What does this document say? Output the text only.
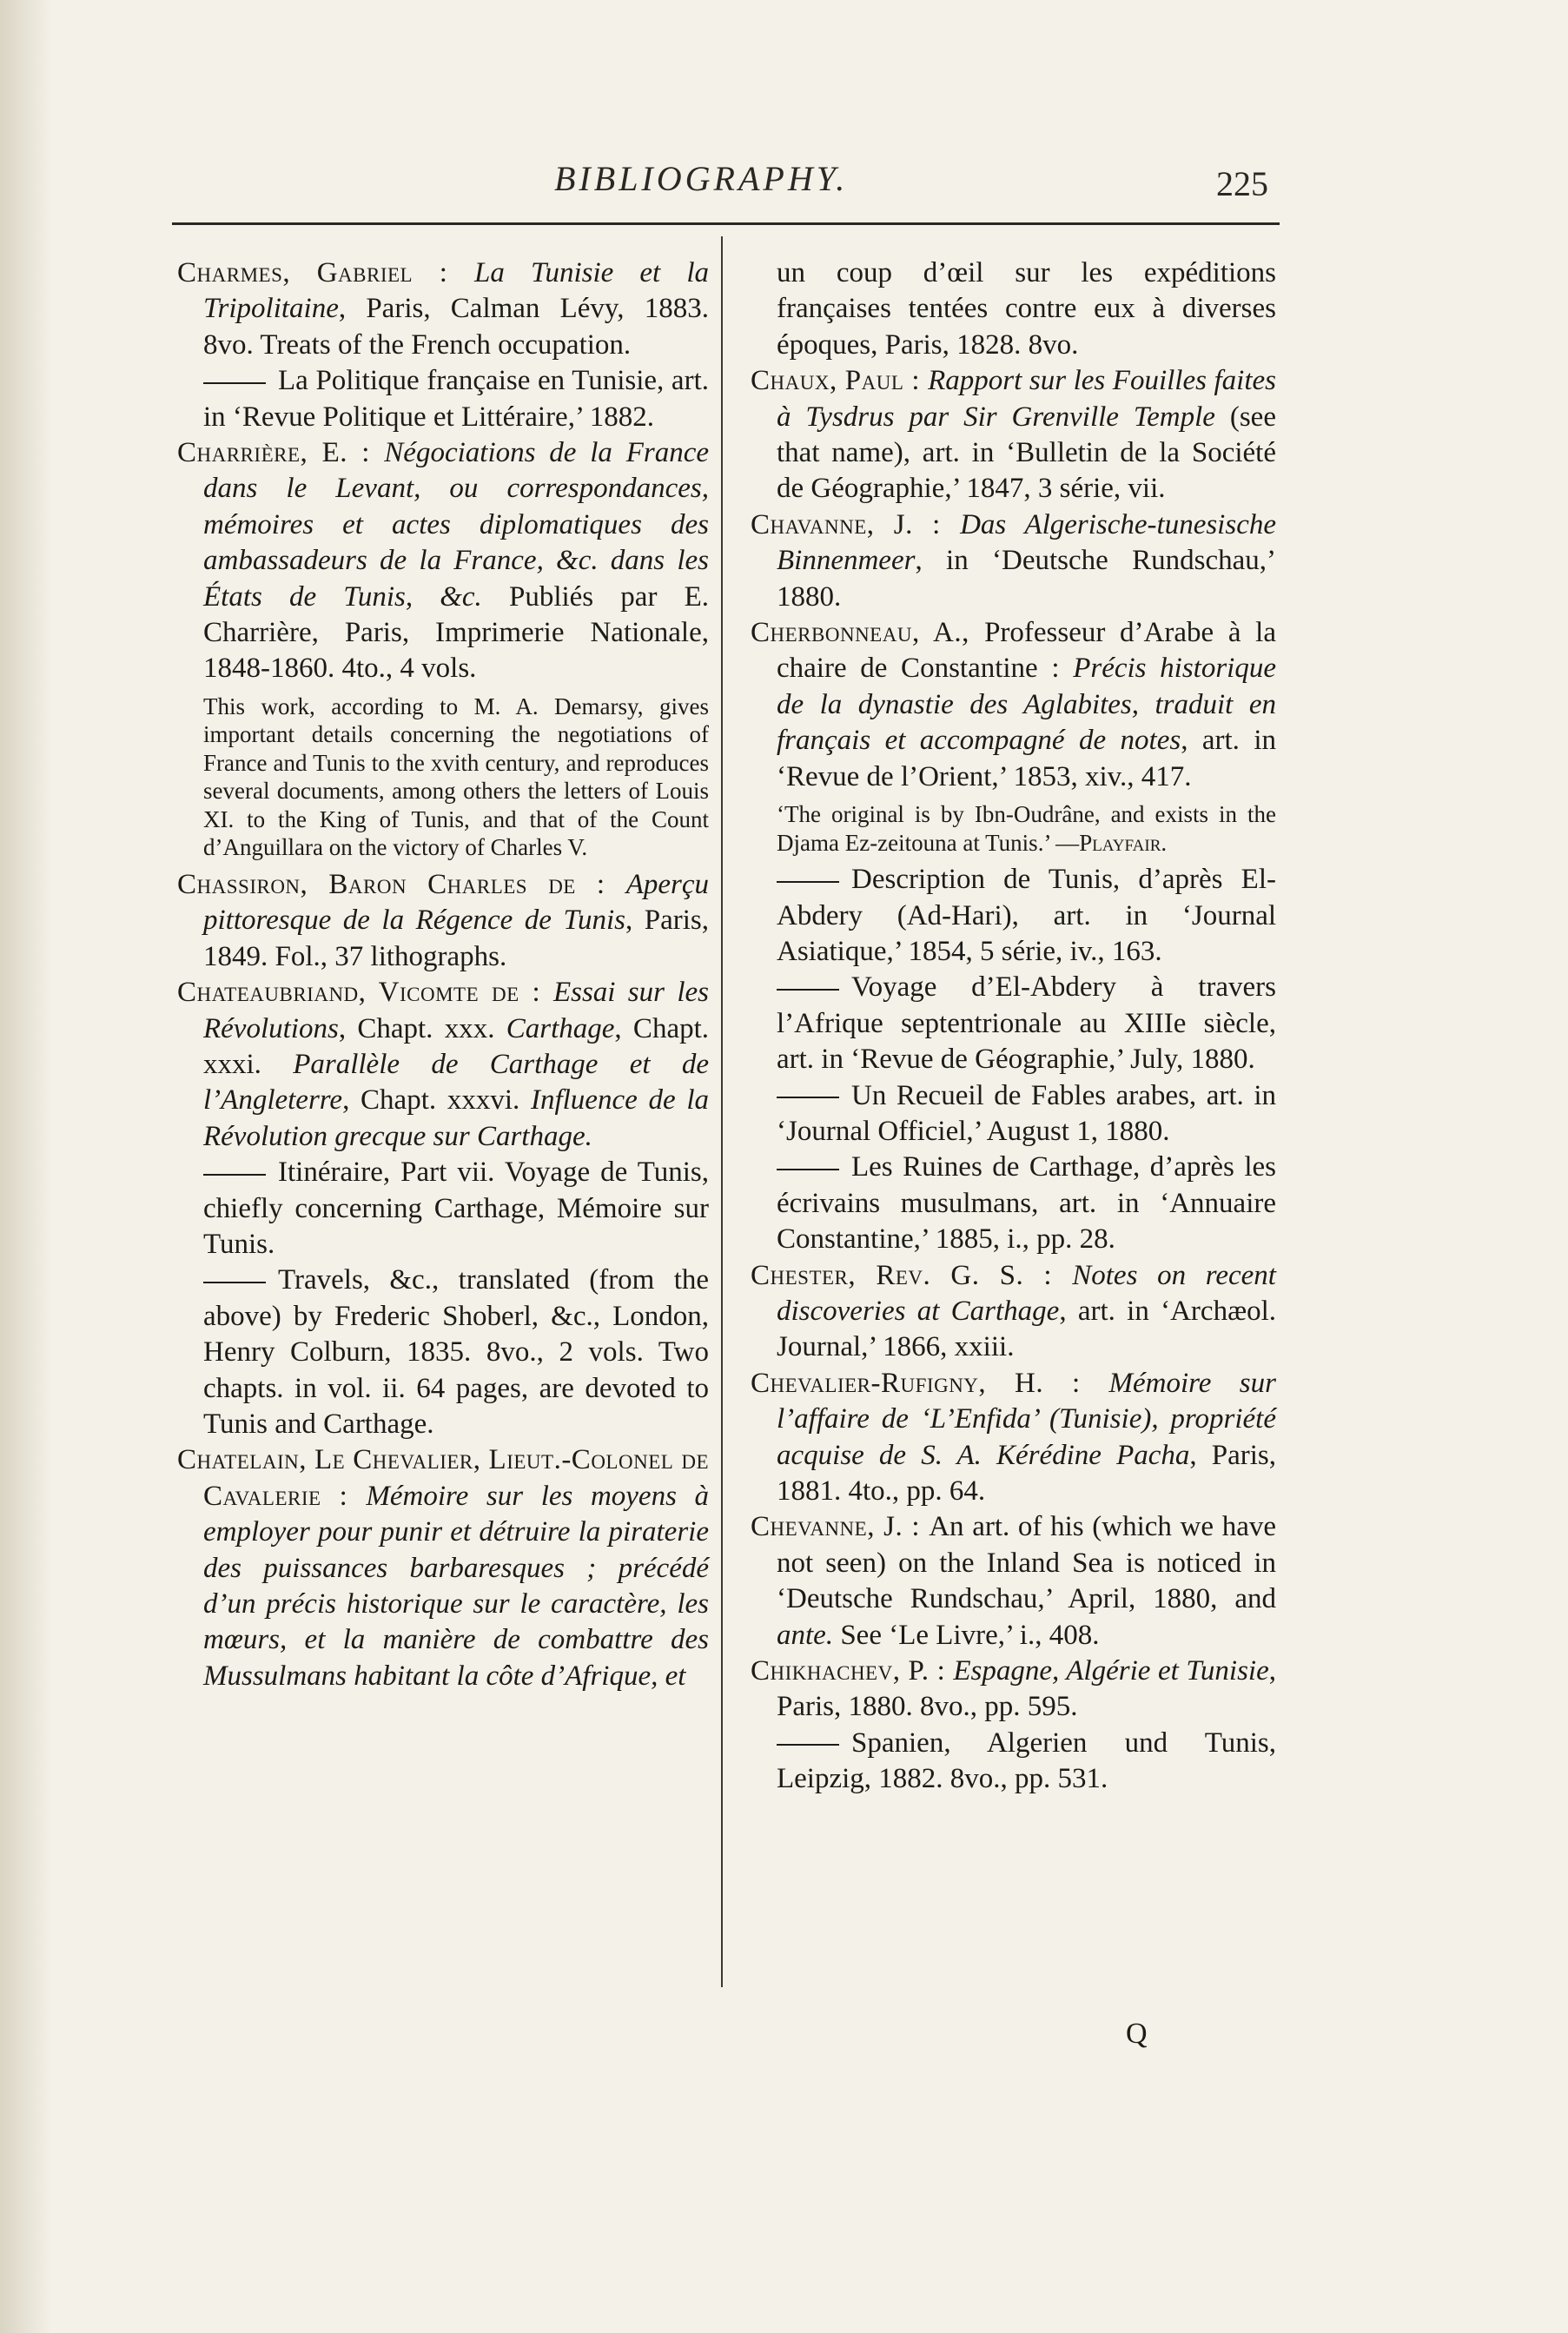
BIBLIOGRAPHY.	225

Charmes, Gabriel : La Tunisie et la Tripolitaine, Paris, Calman Lévy, 1883. 8vo. Treats of the French occupation.

La Politique française en Tunisie, art. in ‘Revue Politique et Littéraire,’ 1882.

Charrière, E. : Négociations de la France dans le Levant, ou correspondances, mémoires et actes diplomatiques des ambassadeurs de la France, &c. dans les États de Tunis, &c. Publiés par E. Charrière, Paris, Imprimerie Nationale, 1848-1860. 4to., 4 vols.

This work, according to M. A. Demarsy, gives important details concerning the negotiations of France and Tunis to the xvith century, and reproduces several documents, among others the letters of Louis XI. to the King of Tunis, and that of the Count d’Anguillara on the victory of Charles V.

Chassiron, Baron Charles de : Aperçu pittoresque de la Régence de Tunis, Paris, 1849. Fol., 37 lithographs.

Chateaubriand, Vicomte de : Essai sur les Révolutions, Chapt. xxx. Carthage, Chapt. xxxi. Parallèle de Carthage et de l’Angleterre, Chapt. xxxvi. Influence de la Révolution grecque sur Carthage.

Itinéraire, Part vii. Voyage de Tunis, chiefly concerning Carthage, Mémoire sur Tunis.

Travels, &c., translated (from the above) by Frederic Shoberl, &c., London, Henry Colburn, 1835. 8vo., 2 vols. Two chapts. in vol. ii. 64 pages, are devoted to Tunis and Carthage.

Chatelain, Le Chevalier, Lieut.-Colonel de Cavalerie : Mémoire sur les moyens à employer pour punir et détruire la piraterie des puissances barbaresques ; précédé d’un précis historique sur le caractère, les mœurs, et la manière de combattre des Mussulmans habitant la côte d’Afrique, et

un coup d’œil sur les expéditions françaises tentées contre eux à diverses époques, Paris, 1828. 8vo.

Chaux, Paul : Rapport sur les Fouilles faites à Tysdrus par Sir Grenville Temple (see that name), art. in ‘Bulletin de la Société de Géographie,’ 1847, 3 série, vii.

Chavanne, J. : Das Algerische-tunesische Binnenmeer, in ‘Deutsche Rundschau,’ 1880.

Cherbonneau, A., Professeur d’Arabe à la chaire de Constantine : Précis historique de la dynastie des Aglabites, traduit en français et accompagné de notes, art. in ‘Revue de l’Orient,’ 1853, xiv., 417.

‘The original is by Ibn-Oudrâne, and exists in the Djama Ez-zeitouna at Tunis.’ —Playfair.

Description de Tunis, d’après El-Abdery (Ad-Hari), art. in ‘Journal Asiatique,’ 1854, 5 série, iv., 163.

Voyage d’El-Abdery à travers l’Afrique septentrionale au XIIIe siècle, art. in ‘Revue de Géographie,’ July, 1880.

Un Recueil de Fables arabes, art. in ‘Journal Officiel,’ August 1, 1880.

Les Ruines de Carthage, d’après les écrivains musulmans, art. in ‘Annuaire Constantine,’ 1885, i., pp. 28.

Chester, Rev. G. S. : Notes on recent discoveries at Carthage, art. in ‘Archæol. Journal,’ 1866, xxiii.

Chevalier-Rufigny, H. : Mémoire sur l’affaire de ‘L’Enfida’ (Tunisie), propriété acquise de S. A. Kérédine Pacha, Paris, 1881. 4to., pp. 64.

Chevanne, J. : An art. of his (which we have not seen) on the Inland Sea is noticed in ‘Deutsche Rundschau,’ April, 1880, and ante. See ‘Le Livre,’ i., 408.

Chikhachev, P. : Espagne, Algérie et Tunisie, Paris, 1880. 8vo., pp. 595.

Spanien, Algerien und Tunis, Leipzig, 1882. 8vo., pp. 531.

Q
